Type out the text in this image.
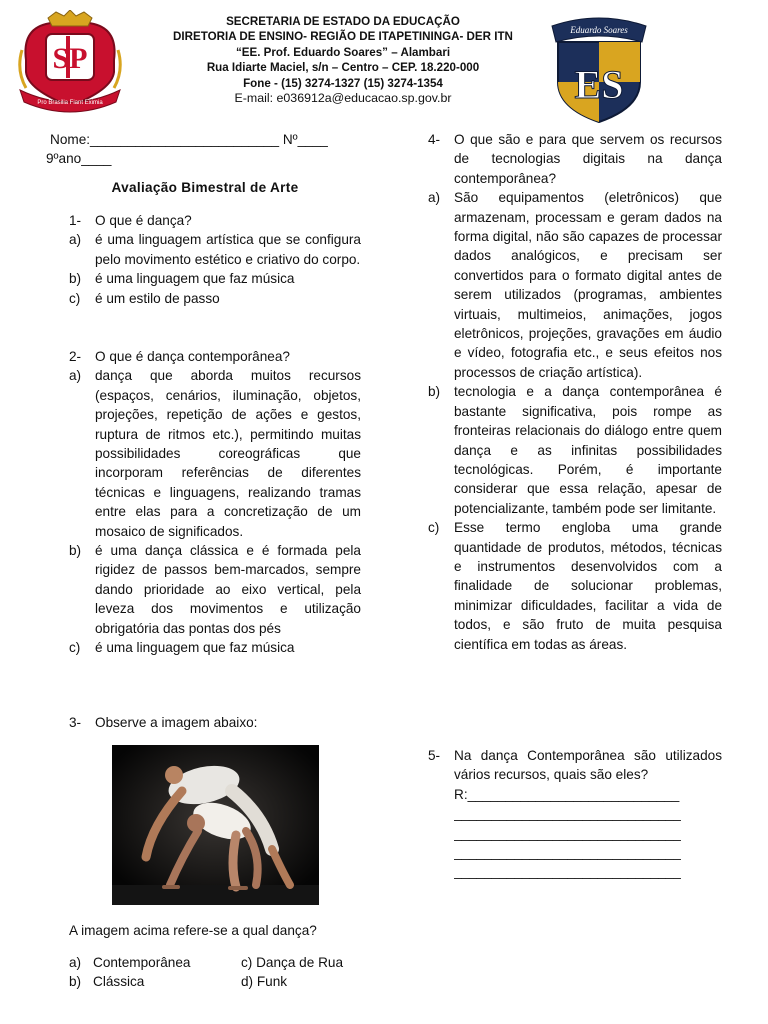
SP
Pro Brasilia Fiant Eximia
SECRETARIA DE ESTADO DA EDUCAÇÃO
DIRETORIA DE ENSINO- REGIÃO DE ITAPETININGA- DER ITN
“EE. Prof. Eduardo Soares” – Alambari
Rua Idiarte Maciel, s/n – Centro – CEP. 18.220-000
Fone - (15) 3274-1327 (15) 3274-1354
E-mail: e036912a@educacao.sp.gov.br
Eduardo Soares
ES
Nome:_________________________ Nº____
9ºano____
Avaliação Bimestral de Arte
1-	O que é dança?
a)	é uma linguagem artística que se configura pelo movimento estético e criativo do corpo.
b)	é uma linguagem que faz música
c)	é um estilo de passo
2-	O que é dança contemporânea?
a)	dança que aborda muitos recursos (espaços, cenários, iluminação, objetos, projeções, repetição de ações e gestos, ruptura de ritmos etc.), permitindo muitas possibilidades coreográficas que incorporam referências de diferentes técnicas e linguagens, realizando tramas entre elas para a concretização de um mosaico de significados.
b)	é uma dança clássica e é formada pela rigidez de passos bem-marcados, sempre dando prioridade ao eixo vertical, pela leveza dos movimentos e utilização obrigatória das pontas dos pés
c)	é uma linguagem que faz música
3-	Observe a imagem abaixo:
A imagem acima refere-se a qual dança?
a) Contemporânea	c) Dança de Rua
b) Clássica	d) Funk
4-	O que são e para que servem os recursos de tecnologias digitais na dança contemporânea?
a)	São equipamentos (eletrônicos) que armazenam, processam e geram dados na forma digital, não são capazes de processar dados analógicos, e precisam ser convertidos para o formato digital antes de serem utilizados (programas, ambientes virtuais, multimeios, animações, jogos eletrônicos, projeções, gravações em áudio e vídeo, fotografia etc., e seus efeitos nos processos de criação artística).
b)	tecnologia e a dança contemporânea é bastante significativa, pois rompe as fronteiras relacionais do diálogo entre quem dança e as infinitas possibilidades tecnológicas. Porém, é importante considerar que essa relação, apesar de potencializante, também pode ser limitante.
c)	Esse termo engloba uma grande quantidade de produtos, métodos, técnicas e instrumentos desenvolvidos com a finalidade de solucionar problemas, minimizar dificuldades, facilitar a vida de todos, e são fruto de muita pesquisa científica em todas as áreas.
5-	Na dança Contemporânea são utilizados vários recursos, quais são eles?
R:____________________________
______________________________
______________________________
______________________________
______________________________
